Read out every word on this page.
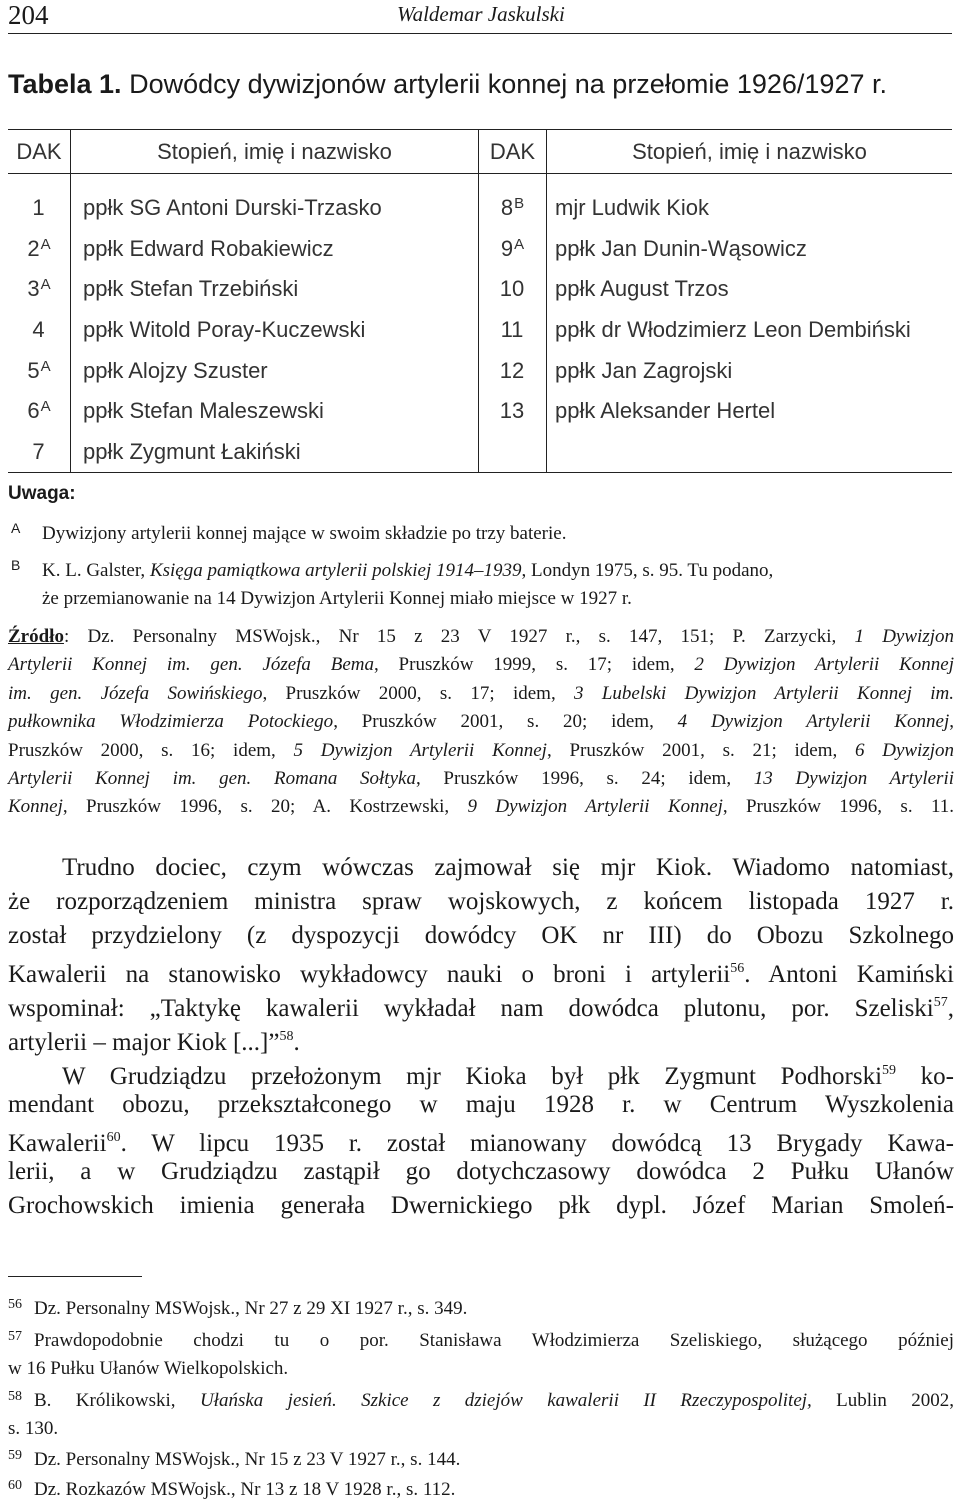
204	Waldemar Jaskulski
Tabela 1. Dowódcy dywizjonów artylerii konnej na przełomie 1926/1927 r.
DAK	Stopień, imię i nazwisko	DAK	Stopień, imię i nazwisko
1	ppłk SG Antoni Durski-Trzasko	$8^B$	mjr Ludwik Kiok
$2^A$	ppłk Edward Robakiewicz	$9^A$	ppłk Jan Dunin-Wąsowicz
$3^A$	ppłk Stefan Trzebiński	10	ppłk August Trzos
4	ppłk Witold Poray-Kuczewski	11	ppłk dr Włodzimierz Leon Dembiński
$5^A$	ppłk Alojzy Szuster	12	ppłk Jan Zagrojski
$6^A$	ppłk Stefan Maleszewski	13	ppłk Aleksander Hertel
7	ppłk Zygmunt Łakiński		
Uwaga:
A Dywizjony artylerii konnej mające w swoim składzie po trzy baterie.
B K. L. Galster, Księga pamiątkowa artylerii polskiej 1914–1939, Londyn 1975, s. 95. Tu podano,
że przemianowanie na 14 Dywizjon Artylerii Konnej miało miejsce w 1927 r.
Źródło: Dz. Personalny MSWojsk., Nr 15 z 23 V 1927 r., s. 147, 151; P. Zarzycki, 1 Dywizjon
Artylerii Konnej im. gen. Józefa Bema, Pruszków 1999, s. 17; idem, 2 Dywizjon Artylerii Konnej
im. gen. Józefa Sowińskiego, Pruszków 2000, s. 17; idem, 3 Lubelski Dywizjon Artylerii Konnej im.
pułkownika Włodzimierza Potockiego, Pruszków 2001, s. 20; idem, 4 Dywizjon Artylerii Konnej,
Pruszków 2000, s. 16; idem, 5 Dywizjon Artylerii Konnej, Pruszków 2001, s. 21; idem, 6 Dywizjon
Artylerii Konnej im. gen. Romana Sołtyka, Pruszków 1996, s. 24; idem, 13 Dywizjon Artylerii
Konnej, Pruszków 1996, s. 20; A. Kostrzewski, 9 Dywizjon Artylerii Konnej, Pruszków 1996, s. 11.
Trudno dociec, czym wówczas zajmował się mjr Kiok. Wiadomo natomiast,
że rozporządzeniem ministra spraw wojskowych, z końcem listopada 1927 r.
został przydzielony (z dyspozycji dowódcy OK nr III) do Obozu Szkolnego
Kawalerii na stanowisko wykładowcy nauki o broni i artylerii$^{56}$. Antoni Kamiński
wspominał: „Taktykę kawalerii wykładał nam dowódca plutonu, por. Szeliski$^{57}$,
artylerii – major Kiok [...]”$^{58}$.
W Grudziądzu przełożonym mjr Kioka był płk Zygmunt Podhorski$^{59}$ ko-
mendant obozu, przekształconego w maju 1928 r. w Centrum Wyszkolenia
Kawalerii$^{60}$. W lipcu 1935 r. został mianowany dowódcą 13 Brygady Kawa-
lerii, a w Grudziądzu zastąpił go dotychczasowy dowódca 2 Pułku Ułanów
Grochowskich imienia generała Dwernickiego płk dypl. Józef Marian Smoleń-
$^{56}$ Dz. Personalny MSWojsk., Nr 27 z 29 XI 1927 r., s. 349.
$^{57}$ Prawdopodobnie chodzi tu o por. Stanisława Włodzimierza Szeliskiego, służącego później
w 16 Pułku Ułanów Wielkopolskich.
$^{58}$ B. Królikowski, Ułańska jesień. Szkice z dziejów kawalerii II Rzeczypospolitej, Lublin 2002,
s. 130.
$^{59}$ Dz. Personalny MSWojsk., Nr 15 z 23 V 1927 r., s. 144.
$^{60}$ Dz. Rozkazów MSWojsk., Nr 13 z 18 V 1928 r., s. 112.
